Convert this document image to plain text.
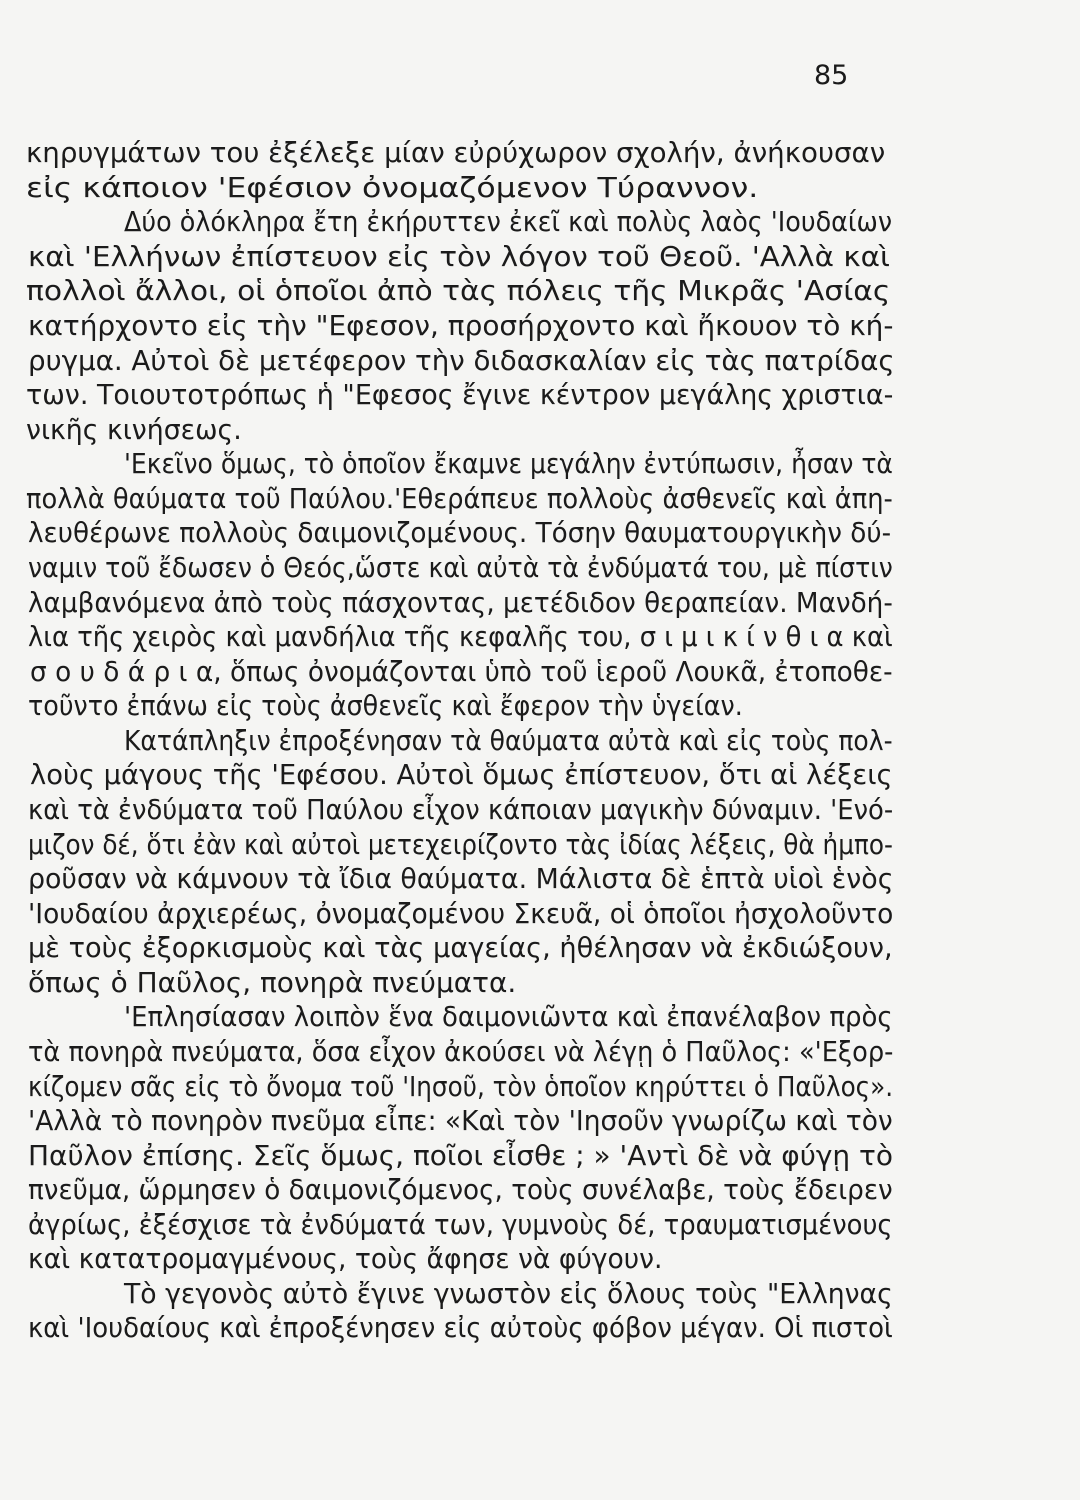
85
κηρυγμάτων του ἐξέλεξε μίαν εὐρύχωρον σχολήν, ἀνήκουσαν
εἰς κάποιον 'Εφέσιον ὀνομαζόμενον Τύραννον.
Δύο ὁλόκληρα ἔτη ἐκήρυττεν ἐκεῖ καὶ πολὺς λαὸς 'Ιουδαίων
καὶ 'Ελλήνων ἐπίστευον εἰς τὸν λόγον τοῦ Θεοῦ. 'Αλλὰ καὶ
πολλοὶ ἄλλοι, οἱ ὁποῖοι ἀπὸ τὰς πόλεις τῆς Μικρᾶς 'Ασίας
κατήρχοντο εἰς τὴν "Εφεσον, προσήρχοντο καὶ ἤκουον τὸ κή-
ρυγμα. Αὐτοὶ δὲ μετέφερον τὴν διδασκαλίαν εἰς τὰς πατρίδας
των. Τοιουτοτρόπως ἡ "Εφεσος ἔγινε κέντρον μεγάλης χριστια-
νικῆς κινήσεως.
'Εκεῖνο ὅμως, τὸ ὁποῖον ἔκαμνε μεγάλην ἐντύπωσιν, ἦσαν τὰ
πολλὰ θαύματα τοῦ Παύλου.'Εθεράπευε πολλοὺς ἀσθενεῖς καὶ ἀπη-
λευθέρωνε πολλοὺς δαιμονιζομένους. Τόσην θαυματουργικὴν δύ-
ναμιν τοῦ ἔδωσεν ὁ Θεός,ὥστε καὶ αὐτὰ τὰ ἐνδύματά του, μὲ πίστιν
λαμβανόμενα ἀπὸ τοὺς πάσχοντας, μετέδιδον θεραπείαν. Μανδή-
λια τῆς χειρὸς καὶ μανδήλια τῆς κεφαλῆς του, σ ι μ ι κ ί ν θ ι α καὶ
σ ο υ δ ά ρ ι α, ὅπως ὀνομάζονται ὑπὸ τοῦ ἱεροῦ Λουκᾶ, ἐτοποθε-
τοῦντο ἐπάνω εἰς τοὺς ἀσθενεῖς καὶ ἔφερον τὴν ὑγείαν.
Κατάπληξιν ἐπροξένησαν τὰ θαύματα αὐτὰ καὶ εἰς τοὺς πολ-
λοὺς μάγους τῆς 'Εφέσου. Αὐτοὶ ὅμως ἐπίστευον, ὅτι αἱ λέξεις
καὶ τὰ ἐνδύματα τοῦ Παύλου εἶχον κάποιαν μαγικὴν δύναμιν. 'Ενό-
μιζον δέ, ὅτι ἐὰν καὶ αὐτοὶ μετεχειρίζοντο τὰς ἰδίας λέξεις, θὰ ἠμπο-
ροῦσαν νὰ κάμνουν τὰ ἴδια θαύματα. Μάλιστα δὲ ἑπτὰ υἱοὶ ἑνὸς
'Ιουδαίου ἀρχιερέως, ὀνομαζομένου Σκευᾶ, οἱ ὁποῖοι ἠσχολοῦντο
μὲ τοὺς ἐξορκισμοὺς καὶ τὰς μαγείας, ἠθέλησαν νὰ ἐκδιώξουν,
ὅπως ὁ Παῦλος, πονηρὰ πνεύματα.
'Επλησίασαν λοιπὸν ἕνα δαιμονιῶντα καὶ ἐπανέλαβον πρὸς
τὰ πονηρὰ πνεύματα, ὅσα εἶχον ἀκούσει νὰ λέγῃ ὁ Παῦλος: «'Εξορ-
κίζομεν σᾶς εἰς τὸ ὄνομα τοῦ 'Ιησοῦ, τὸν ὁποῖον κηρύττει ὁ Παῦλος».
'Αλλὰ τὸ πονηρὸν πνεῦμα εἶπε: «Καὶ τὸν 'Ιησοῦν γνωρίζω καὶ τὸν
Παῦλον ἐπίσης. Σεῖς ὅμως, ποῖοι εἶσθε ; » 'Αντὶ δὲ νὰ φύγῃ τὸ
πνεῦμα, ὥρμησεν ὁ δαιμονιζόμενος, τοὺς συνέλαβε, τοὺς ἔδειρεν
ἀγρίως, ἐξέσχισε τὰ ἐνδύματά των, γυμνοὺς δέ, τραυματισμένους
καὶ κατατρομαγμένους, τοὺς ἄφησε νὰ φύγουν.
Τὸ γεγονὸς αὐτὸ ἔγινε γνωστὸν εἰς ὅλους τοὺς "Ελληνας
καὶ 'Ιουδαίους καὶ ἐπροξένησεν εἰς αὐτοὺς φόβον μέγαν. Οἱ πιστοὶ
